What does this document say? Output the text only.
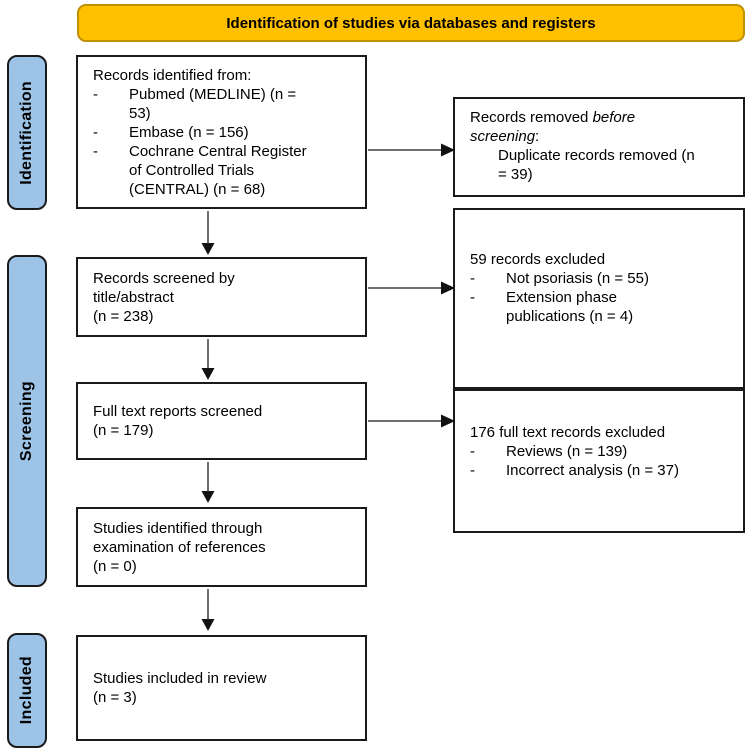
Identification of studies via databases and registers
Identification
Screening
Included
Records identified from:
-	Pubmed (MEDLINE) (n = 53)
-	Embase (n = 156)
-	Cochrane Central Register of Controlled Trials (CENTRAL) (n = 68)
Records screened by
title/abstract
(n = 238)
Full text reports screened
(n = 179)
Studies identified through
examination of references
(n = 0)
Studies included in review
(n = 3)
Records removed before screening:
Duplicate records removed (n = 39)
59 records excluded
-	Not psoriasis (n = 55)
-	Extension phase publications (n = 4)
176 full text records excluded
-	Reviews (n = 139)
-	Incorrect analysis (n = 37)
